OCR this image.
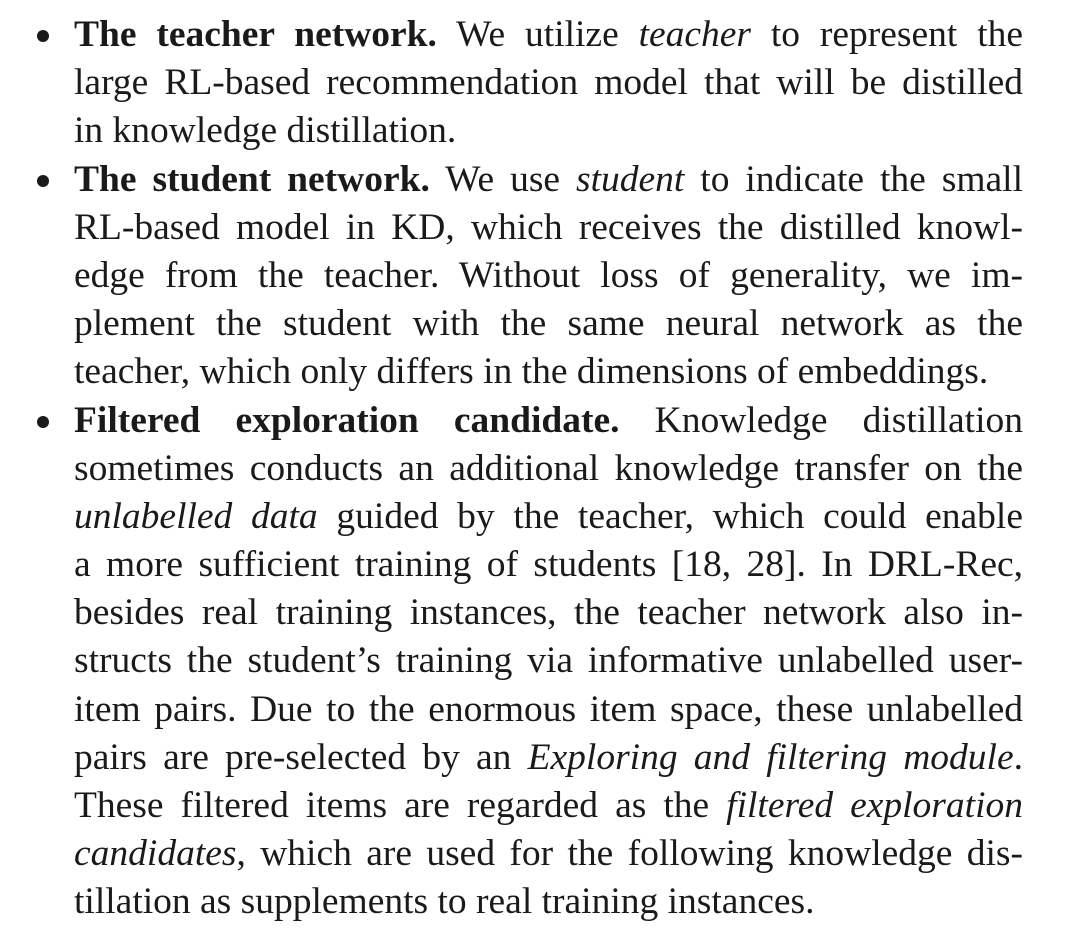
The teacher network. We utilize teacher to represent the
large RL-based recommendation model that will be distilled
in knowledge distillation.
The student network. We use student to indicate the small
RL-based model in KD, which receives the distilled knowl-
edge from the teacher. Without loss of generality, we im-
plement the student with the same neural network as the
teacher, which only differs in the dimensions of embeddings.
Filtered exploration candidate. Knowledge distillation
sometimes conducts an additional knowledge transfer on the
unlabelled data guided by the teacher, which could enable
a more sufficient training of students [18, 28]. In DRL-Rec,
besides real training instances, the teacher network also in-
structs the student’s training via informative unlabelled user-
item pairs. Due to the enormous item space, these unlabelled
pairs are pre-selected by an Exploring and filtering module.
These filtered items are regarded as the filtered exploration
candidates, which are used for the following knowledge dis-
tillation as supplements to real training instances.
